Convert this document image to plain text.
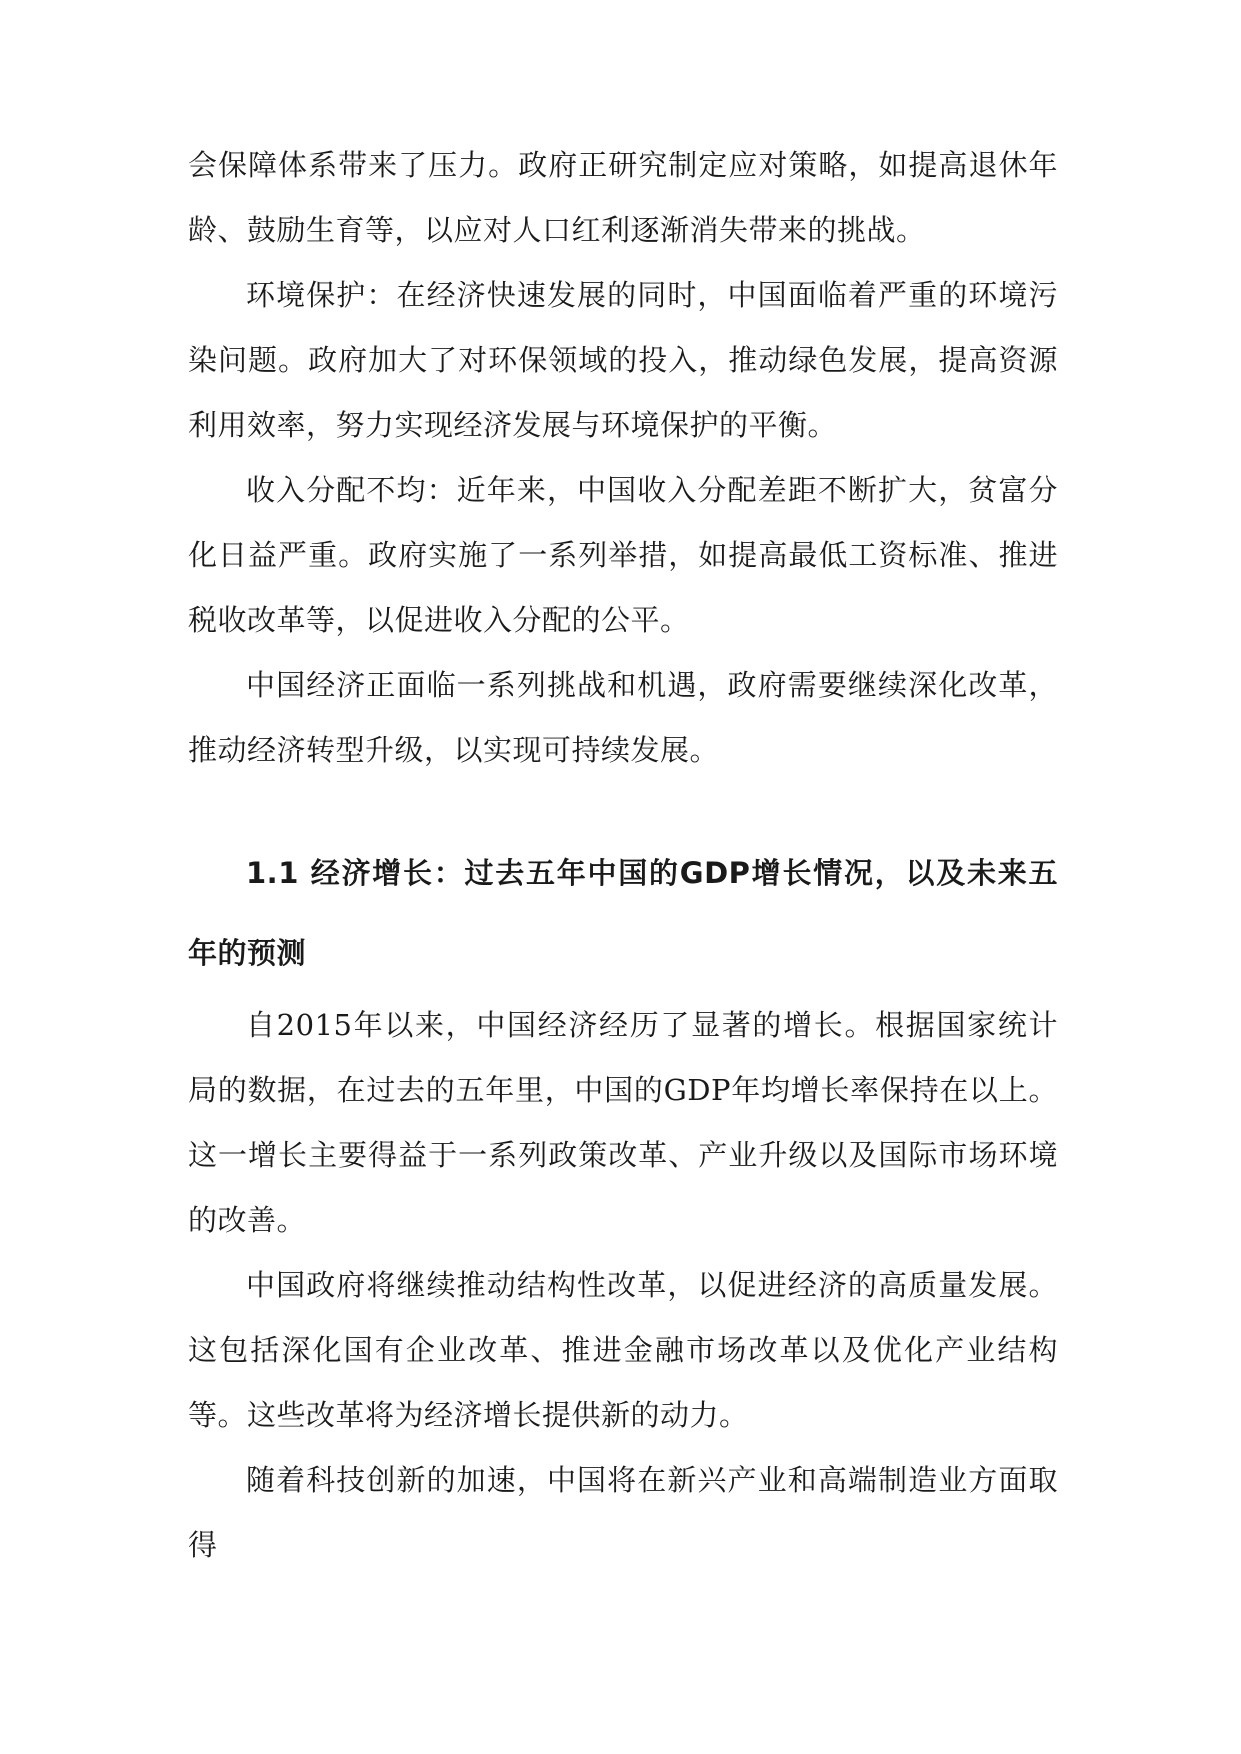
会保障体系带来了压力。政府正研究制定应对策略，如提高退休年龄、鼓励生育等，以应对人口红利逐渐消失带来的挑战。

环境保护：在经济快速发展的同时，中国面临着严重的环境污染问题。政府加大了对环保领域的投入，推动绿色发展，提高资源利用效率，努力实现经济发展与环境保护的平衡。

收入分配不均：近年来，中国收入分配差距不断扩大，贫富分化日益严重。政府实施了一系列举措，如提高最低工资标准、推进税收改革等，以促进收入分配的公平。

中国经济正面临一系列挑战和机遇，政府需要继续深化改革，推动经济转型升级，以实现可持续发展。

1.1 经济增长：过去五年中国的GDP增长情况，以及未来五年的预测

自2015年以来，中国经济经历了显著的增长。根据国家统计局的数据，在过去的五年里，中国的GDP年均增长率保持在以上。这一增长主要得益于一系列政策改革、产业升级以及国际市场环境的改善。

中国政府将继续推动结构性改革，以促进经济的高质量发展。这包括深化国有企业改革、推进金融市场改革以及优化产业结构等。这些改革将为经济增长提供新的动力。

随着科技创新的加速，中国将在新兴产业和高端制造业方面取得
